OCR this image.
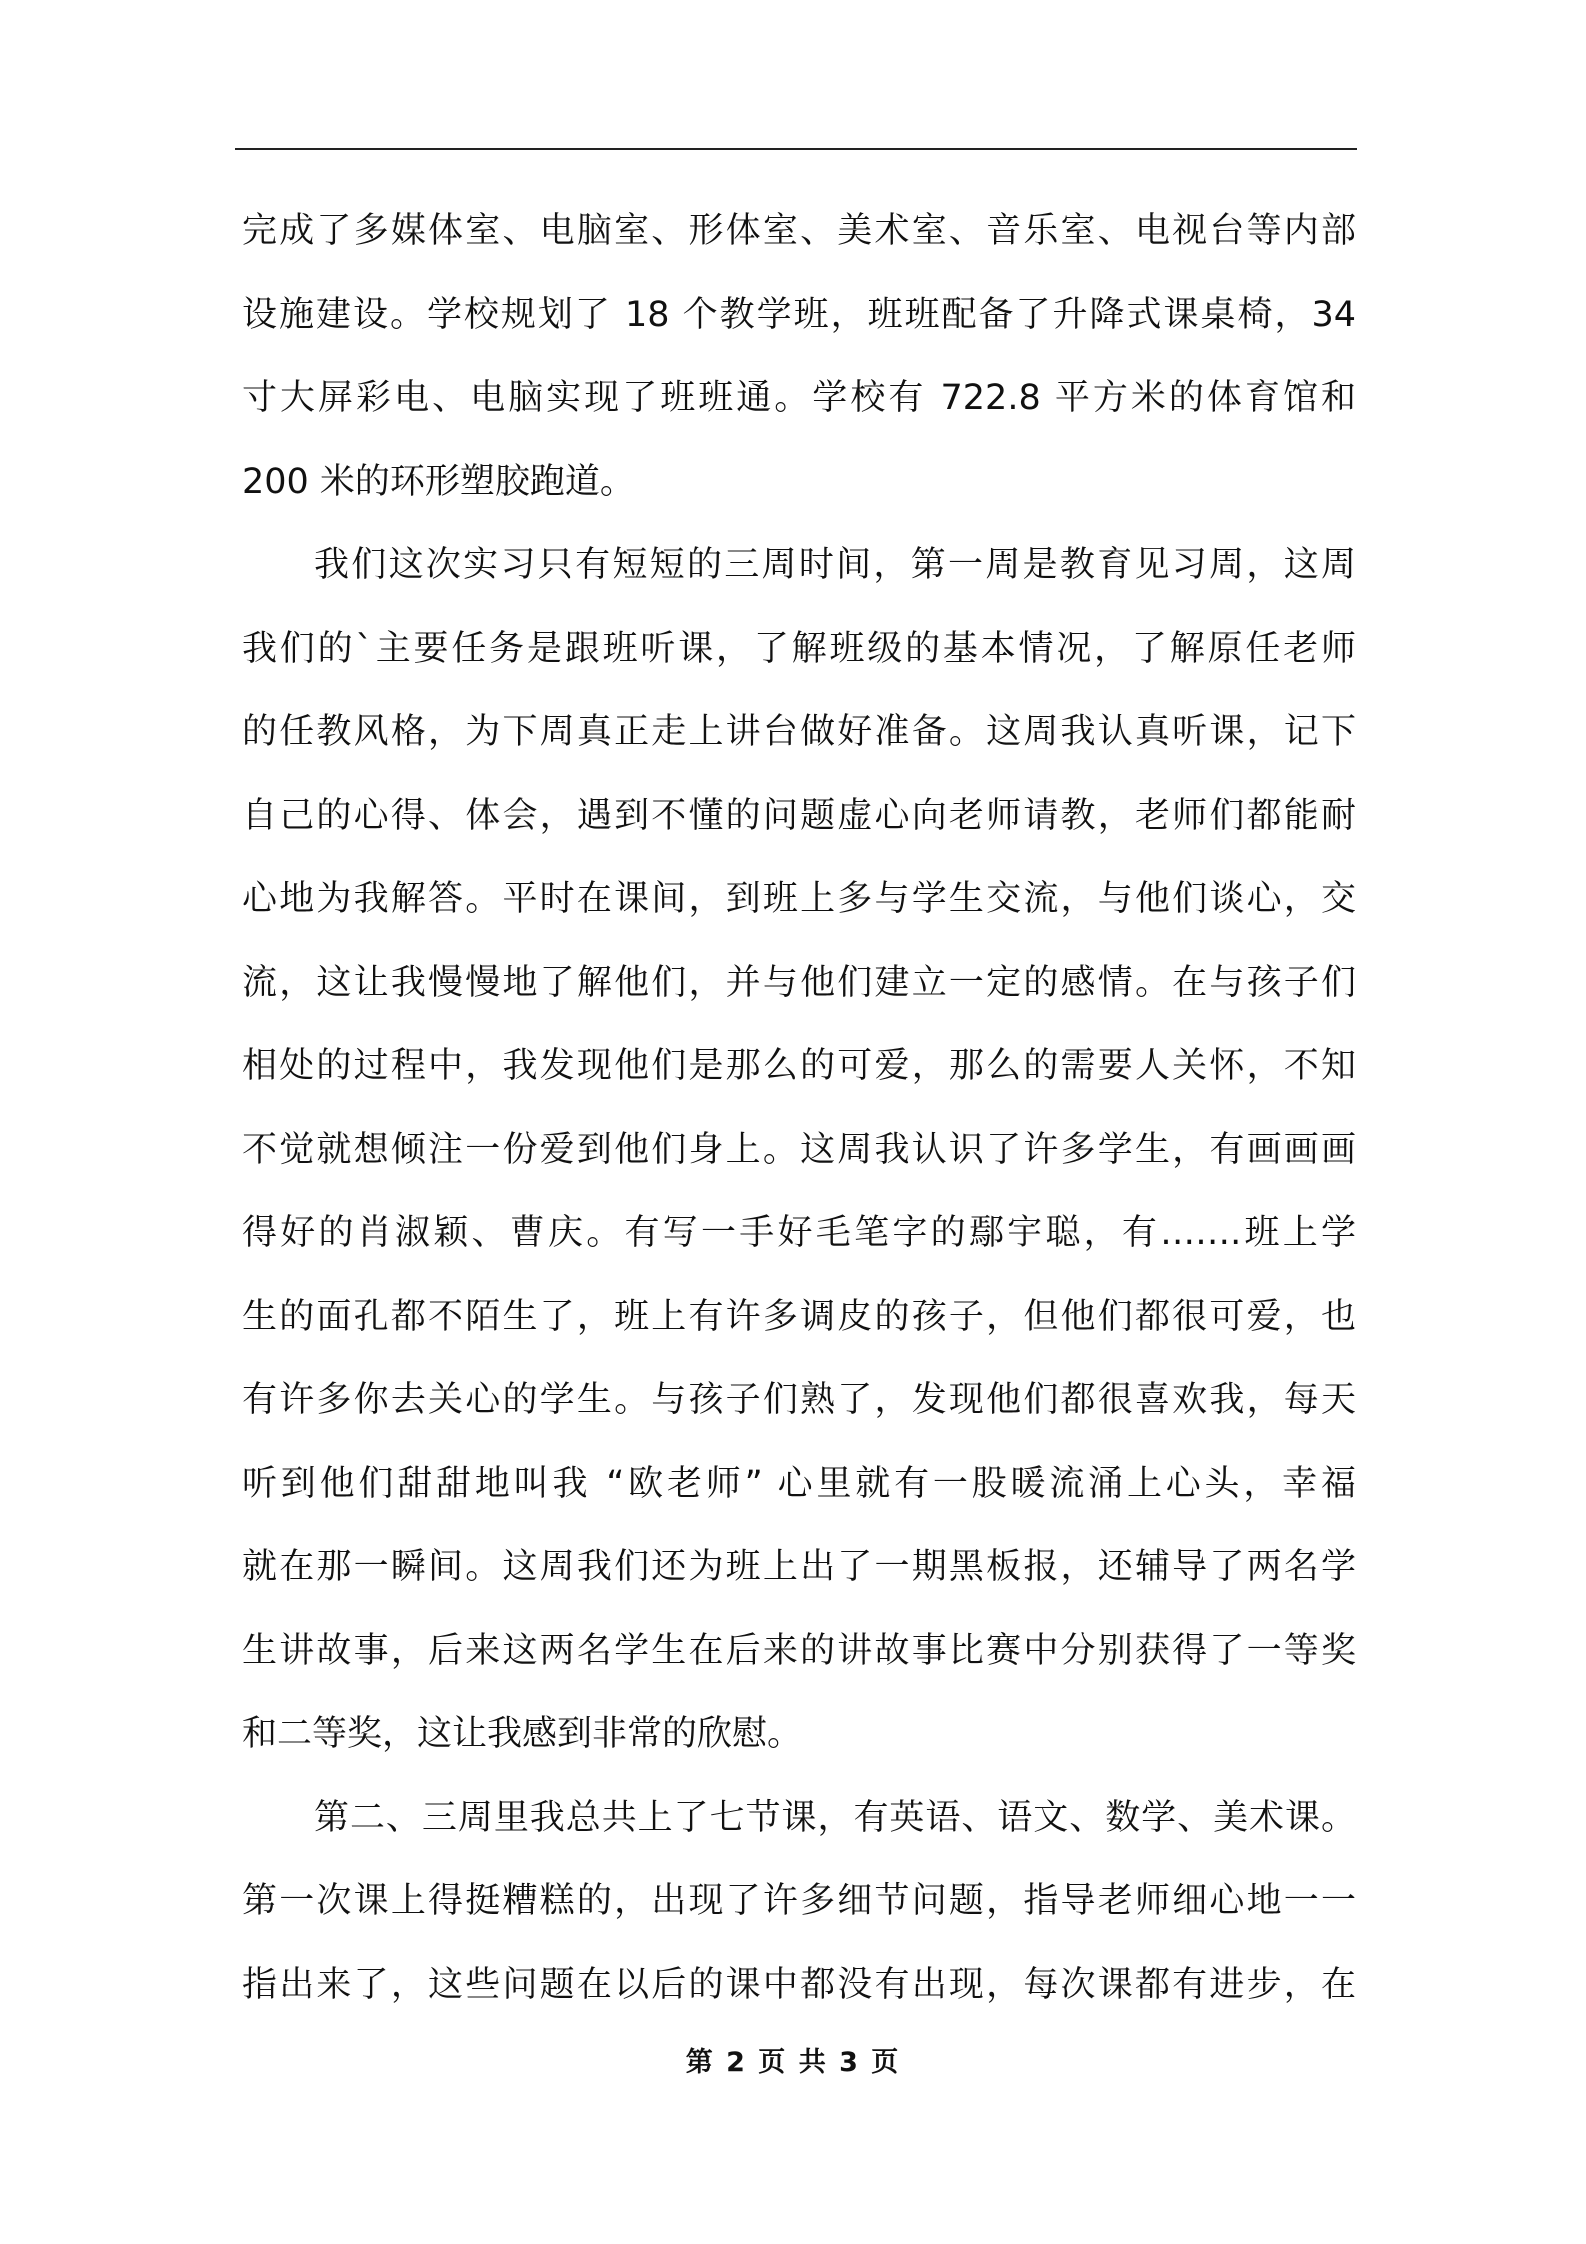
完成了多媒体室、电脑室、形体室、美术室、音乐室、电视台等内部
设施建设。学校规划了 18 个教学班，班班配备了升降式课桌椅，34
寸大屏彩电、电脑实现了班班通。学校有 722.8 平方米的体育馆和
200 米的环形塑胶跑道。
我们这次实习只有短短的三周时间，第一周是教育见习周，这周
我们的`主要任务是跟班听课，了解班级的基本情况，了解原任老师
的任教风格，为下周真正走上讲台做好准备。这周我认真听课，记下
自己的心得、体会，遇到不懂的问题虚心向老师请教，老师们都能耐
心地为我解答。平时在课间，到班上多与学生交流，与他们谈心，交
流，这让我慢慢地了解他们，并与他们建立一定的感情。在与孩子们
相处的过程中，我发现他们是那么的可爱，那么的需要人关怀，不知
不觉就想倾注一份爱到他们身上。这周我认识了许多学生，有画画画
得好的肖淑颖、曹庆。有写一手好毛笔字的鄢宇聪，有…….班上学
生的面孔都不陌生了，班上有许多调皮的孩子，但他们都很可爱，也
有许多你去关心的学生。与孩子们熟了，发现他们都很喜欢我，每天
听到他们甜甜地叫我 “欧老师” 心里就有一股暖流涌上心头，幸福
就在那一瞬间。这周我们还为班上出了一期黑板报，还辅导了两名学
生讲故事，后来这两名学生在后来的讲故事比赛中分别获得了一等奖
和二等奖，这让我感到非常的欣慰。
第二、三周里我总共上了七节课，有英语、语文、数学、美术课。
第一次课上得挺糟糕的，出现了许多细节问题，指导老师细心地一一
指出来了，这些问题在以后的课中都没有出现，每次课都有进步，在
第 2 页 共 3 页
